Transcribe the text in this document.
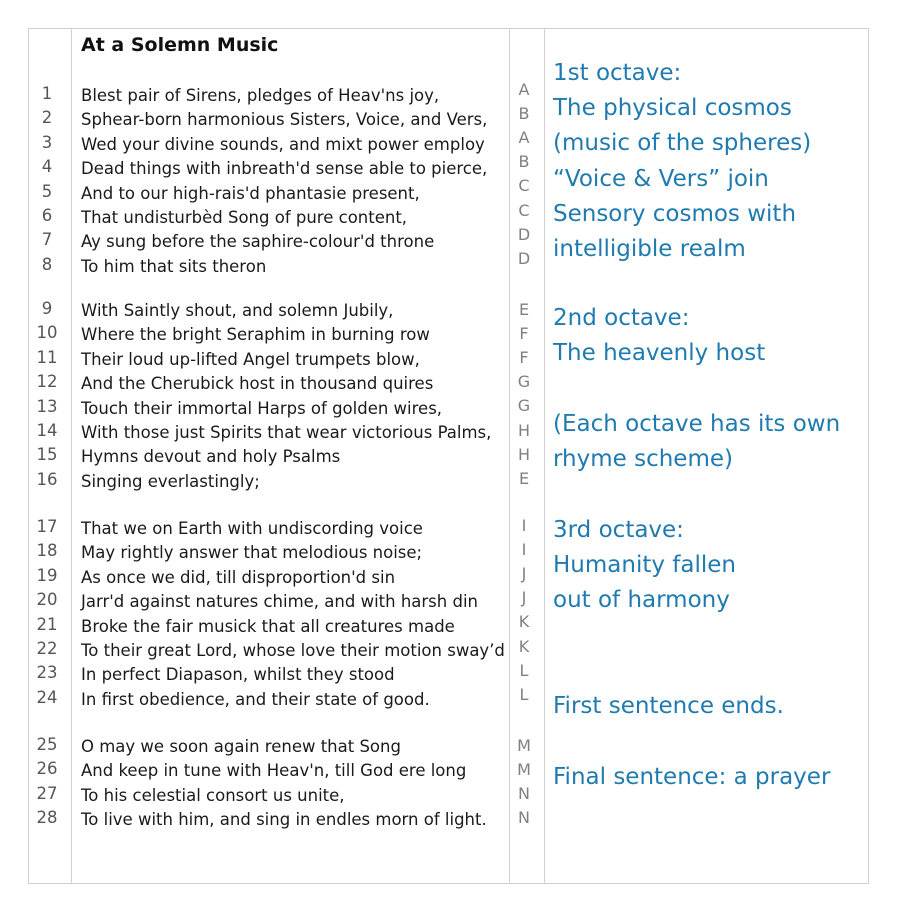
1
2
3
4
5
6
7
8
9
10
11
12
13
14
15
16
17
18
19
20
21
22
23
24
25
26
27
28
At a Solemn Music
Blest pair of Sirens, pledges of Heav'ns joy,
Sphear-born harmonious Sisters, Voice, and Vers,
Wed your divine sounds, and mixt power employ
Dead things with inbreath'd sense able to pierce,
And to our high-rais'd phantasie present,
That undisturbèd Song of pure content,
Ay sung before the saphire-colour'd throne
To him that sits theron
With Saintly shout, and solemn Jubily,
Where the bright Seraphim in burning row
Their loud up-lifted Angel trumpets blow,
And the Cherubick host in thousand quires
Touch their immortal Harps of golden wires,
With those just Spirits that wear victorious Palms,
Hymns devout and holy Psalms
Singing everlastingly;
That we on Earth with undiscording voice
May rightly answer that melodious noise;
As once we did, till disproportion'd sin
Jarr'd against natures chime, and with harsh din
Broke the fair musick that all creatures made
To their great Lord, whose love their motion sway’d
In perfect Diapason, whilst they stood
In first obedience, and their state of good.
O may we soon again renew that Song
And keep in tune with Heav'n, till God ere long
To his celestial consort us unite,
To live with him, and sing in endles morn of light.
A
B
A
B
C
C
D
D
E
F
F
G
G
H
H
E
I
I
J
J
K
K
L
L
M
M
N
N
1st octave:
The physical cosmos
(music of the spheres)
“Voice & Vers” join
Sensory cosmos with
intelligible realm
2nd octave:
The heavenly host
(Each octave has its own
rhyme scheme)
3rd octave:
Humanity fallen
out of harmony
First sentence ends.
Final sentence: a prayer
